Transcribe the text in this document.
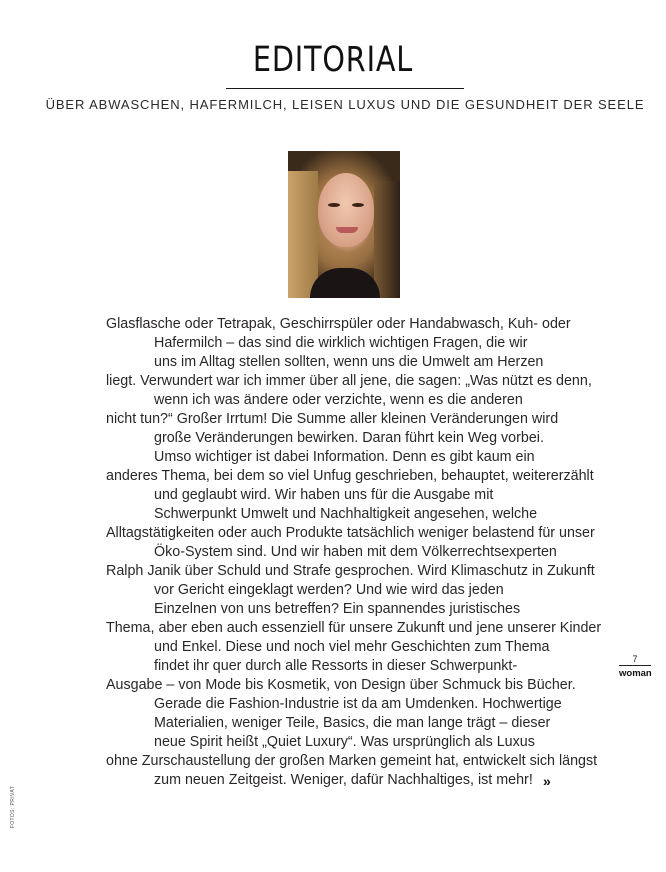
EDITORIAL
ÜBER ABWASCHEN, HAFERMILCH, LEISEN LUXUS UND DIE GESUNDHEIT DER SEELE
Glasflasche oder Tetrapak, Geschirrspüler oder Handabwasch, Kuh- oder
Hafermilch – das sind die wirklich wichtigen Fragen, die wir
uns im Alltag stellen sollten, wenn uns die Umwelt am Herzen
liegt. Verwundert war ich immer über all jene, die sagen: „Was nützt es denn,
wenn ich was ändere oder verzichte, wenn es die anderen
nicht tun?“ Großer Irrtum! Die Summe aller kleinen Veränderungen wird
große Veränderungen bewirken. Daran führt kein Weg vorbei.
Umso wichtiger ist dabei Information. Denn es gibt kaum ein
anderes Thema, bei dem so viel Unfug geschrieben, behauptet, weitererzählt
und geglaubt wird. Wir haben uns für die Ausgabe mit
Schwerpunkt Umwelt und Nachhaltigkeit angesehen, welche
Alltagstätigkeiten oder auch Produkte tatsächlich weniger belastend für unser
Öko-System sind. Und wir haben mit dem Völkerrechtsexperten
Ralph Janik über Schuld und Strafe gesprochen. Wird Klimaschutz in Zukunft
vor Gericht eingeklagt werden? Und wie wird das jeden
Einzelnen von uns betreffen? Ein spannendes juristisches
Thema, aber eben auch essenziell für unsere Zukunft und jene unserer Kinder
und Enkel. Diese und noch viel mehr Geschichten zum Thema
findet ihr quer durch alle Ressorts in dieser Schwerpunkt-
Ausgabe – von Mode bis Kosmetik, von Design über Schmuck bis Bücher.
Gerade die Fashion-Industrie ist da am Umdenken. Hochwertige
Materialien, weniger Teile, Basics, die man lange trägt – dieser
neue Spirit heißt „Quiet Luxury“. Was ursprünglich als Luxus
ohne Zurschaustellung der großen Marken gemeint hat, entwickelt sich längst
zum neuen Zeitgeist. Weniger, dafür Nachhaltiges, ist mehr! »
7
woman
FOTOS: PRIVAT
